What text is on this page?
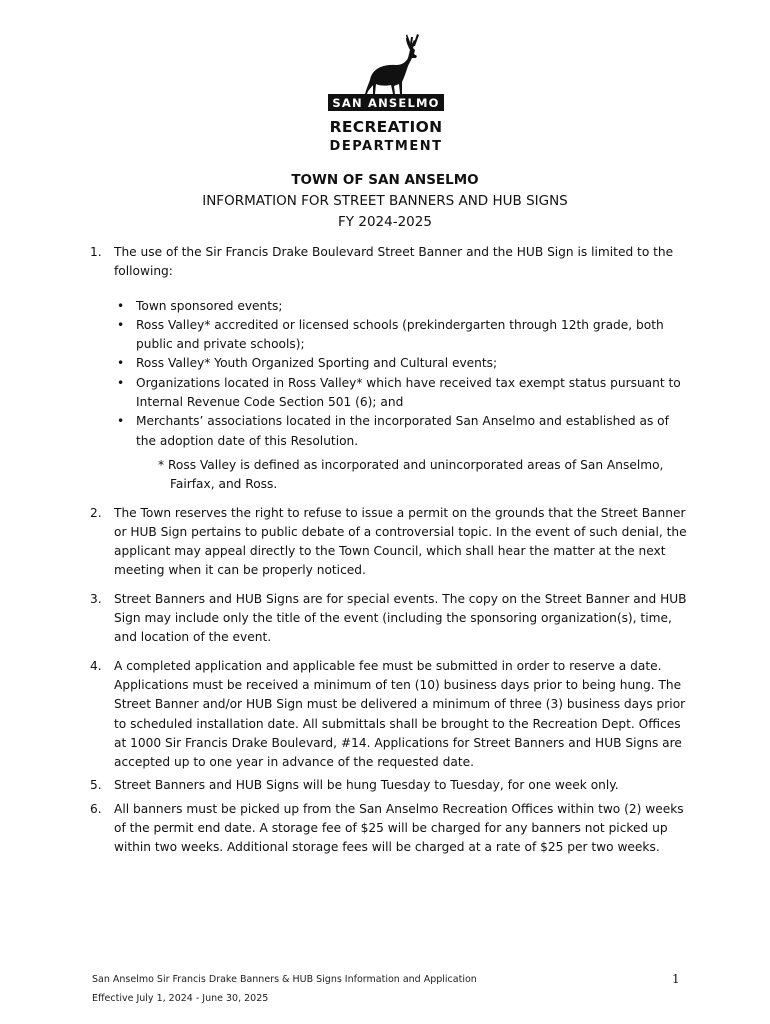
SAN ANSELMO
RECREATION
DEPARTMENT
TOWN OF SAN ANSELMO
INFORMATION FOR STREET BANNERS AND HUB SIGNS
FY 2024-2025
1. The use of the Sir Francis Drake Boulevard Street Banner and the HUB Sign is limited to the following:
• Town sponsored events;
• Ross Valley* accredited or licensed schools (prekindergarten through 12th grade, both public and private schools);
• Ross Valley* Youth Organized Sporting and Cultural events;
• Organizations located in Ross Valley* which have received tax exempt status pursuant to Internal Revenue Code Section 501 (6); and
• Merchants’ associations located in the incorporated San Anselmo and established as of the adoption date of this Resolution.
* Ross Valley is defined as incorporated and unincorporated areas of San Anselmo, Fairfax, and Ross.
2. The Town reserves the right to refuse to issue a permit on the grounds that the Street Banner or HUB Sign pertains to public debate of a controversial topic. In the event of such denial, the applicant may appeal directly to the Town Council, which shall hear the matter at the next meeting when it can be properly noticed.
3. Street Banners and HUB Signs are for special events. The copy on the Street Banner and HUB Sign may include only the title of the event (including the sponsoring organization(s), time, and location of the event.
4. A completed application and applicable fee must be submitted in order to reserve a date. Applications must be received a minimum of ten (10) business days prior to being hung. The Street Banner and/or HUB Sign must be delivered a minimum of three (3) business days prior to scheduled installation date. All submittals shall be brought to the Recreation Dept. Offices at 1000 Sir Francis Drake Boulevard, #14. Applications for Street Banners and HUB Signs are accepted up to one year in advance of the requested date.
5. Street Banners and HUB Signs will be hung Tuesday to Tuesday, for one week only.
6. All banners must be picked up from the San Anselmo Recreation Offices within two (2) weeks of the permit end date. A storage fee of $25 will be charged for any banners not picked up within two weeks. Additional storage fees will be charged at a rate of $25 per two weeks.
San Anselmo Sir Francis Drake Banners & HUB Signs Information and Application
Effective July 1, 2024 - June 30, 2025
1
